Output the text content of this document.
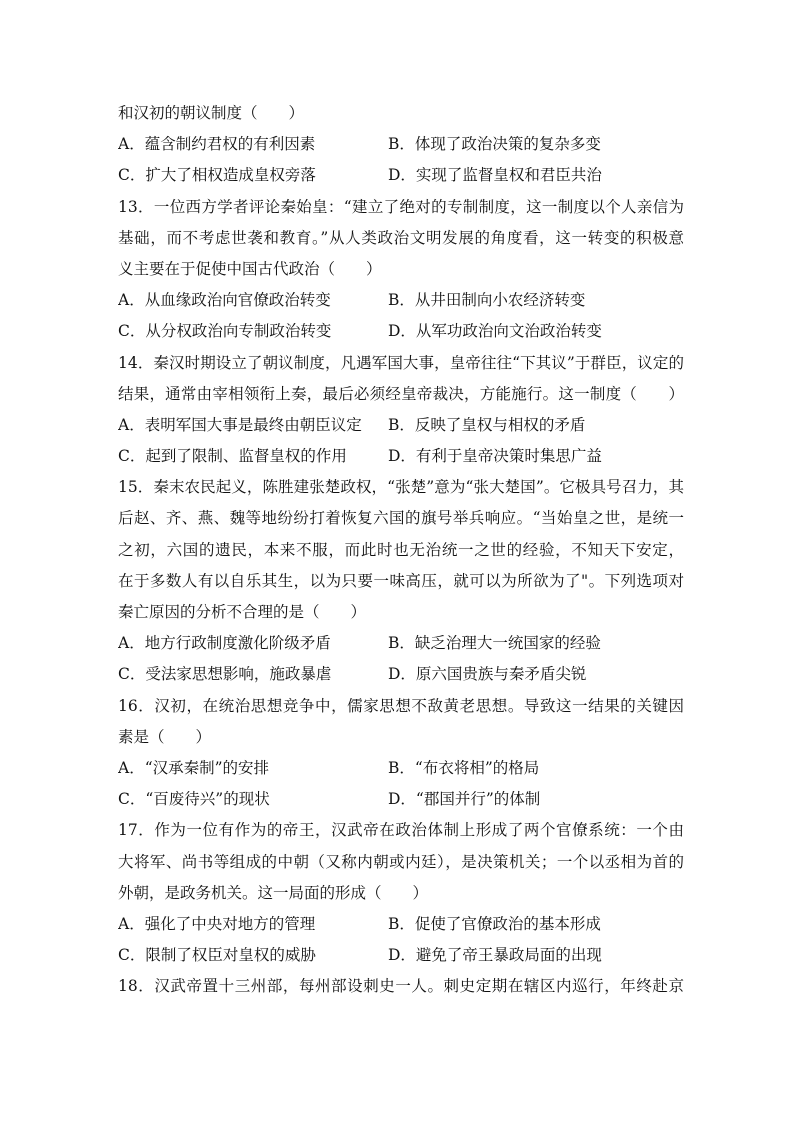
和汉初的朝议制度（　　）
A．蕴含制约君权的有利因素	B．体现了政治决策的复杂多变
C．扩大了相权造成皇权旁落	D．实现了监督皇权和君臣共治
13．一位西方学者评论秦始皇：“建立了绝对的专制制度，这一制度以个人亲信为
基础，而不考虑世袭和教育。”从人类政治文明发展的角度看，这一转变的积极意
义主要在于促使中国古代政治（　　）
A．从血缘政治向官僚政治转变	B．从井田制向小农经济转变
C．从分权政治向专制政治转变	D．从军功政治向文治政治转变
14．秦汉时期设立了朝议制度，凡遇军国大事，皇帝往往“下其议”于群臣，议定的
结果，通常由宰相领衔上奏，最后必须经皇帝裁决，方能施行。这一制度（　　）
A．表明军国大事是最终由朝臣议定	B．反映了皇权与相权的矛盾
C．起到了限制、监督皇权的作用	D．有利于皇帝决策时集思广益
15．秦末农民起义，陈胜建张楚政权，“张楚”意为“张大楚国”。它极具号召力，其
后赵、齐、燕、魏等地纷纷打着恢复六国的旗号举兵响应。“当始皇之世，是统一
之初，六国的遗民，本来不服，而此时也无治统一之世的经验，不知天下安定，
在于多数人有以自乐其生，以为只要一味高压，就可以为所欲为了"。下列选项对
秦亡原因的分析不合理的是（　　）
A．地方行政制度激化阶级矛盾	B．缺乏治理大一统国家的经验
C．受法家思想影响，施政暴虐	D．原六国贵族与秦矛盾尖锐
16．汉初，在统治思想竞争中，儒家思想不敌黄老思想。导致这一结果的关键因
素是（　　）
A．“汉承秦制”的安排	B．“布衣将相”的格局
C．“百废待兴”的现状	D．“郡国并行”的体制
17．作为一位有作为的帝王，汉武帝在政治体制上形成了两个官僚系统：一个由
大将军、尚书等组成的中朝（又称内朝或内廷），是决策机关；一个以丞相为首的
外朝，是政务机关。这一局面的形成（　　）
A．强化了中央对地方的管理	B．促使了官僚政治的基本形成
C．限制了权臣对皇权的威胁	D．避免了帝王暴政局面的出现
18．汉武帝置十三州部，每州部设刺史一人。刺史定期在辖区内巡行，年终赴京
